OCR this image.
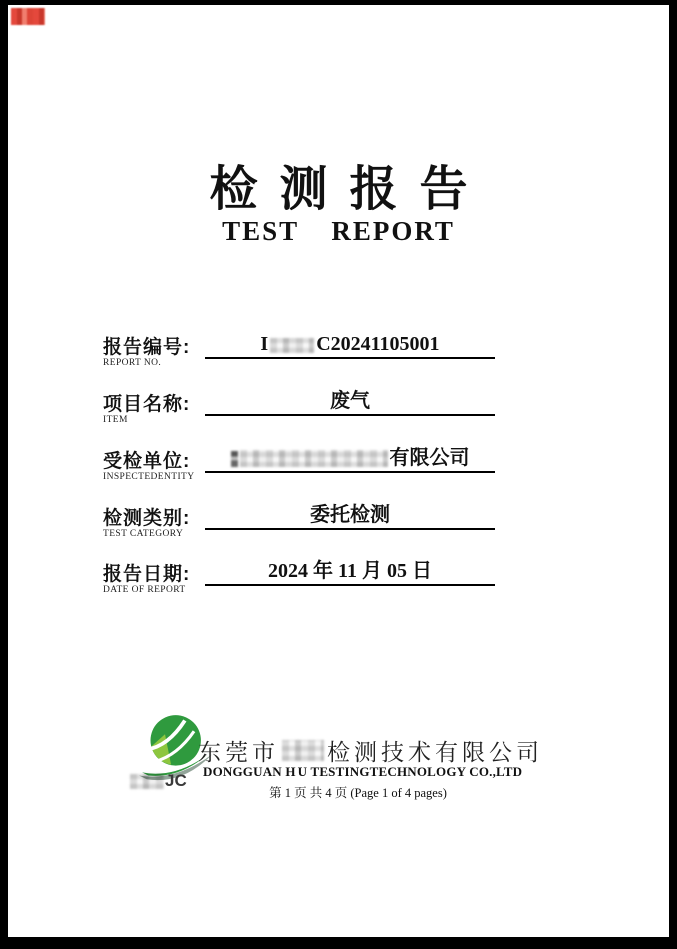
检测报告
TEST REPORT
报告编号:
REPORT NO.
I C20241105001
项目名称:
ITEM
废气
受检单位:
INSPECTEDENTITY
有限公司
检测类别:
TEST CATEGORY
委托检测
报告日期:
DATE OF REPORT
2024 年 11 月 05 日
JC
东莞市 检测技术有限公司
DONGGUAN H U TESTINGTECHNOLOGY CO.,LTD
第 1 页 共 4 页 (Page 1 of 4 pages)
